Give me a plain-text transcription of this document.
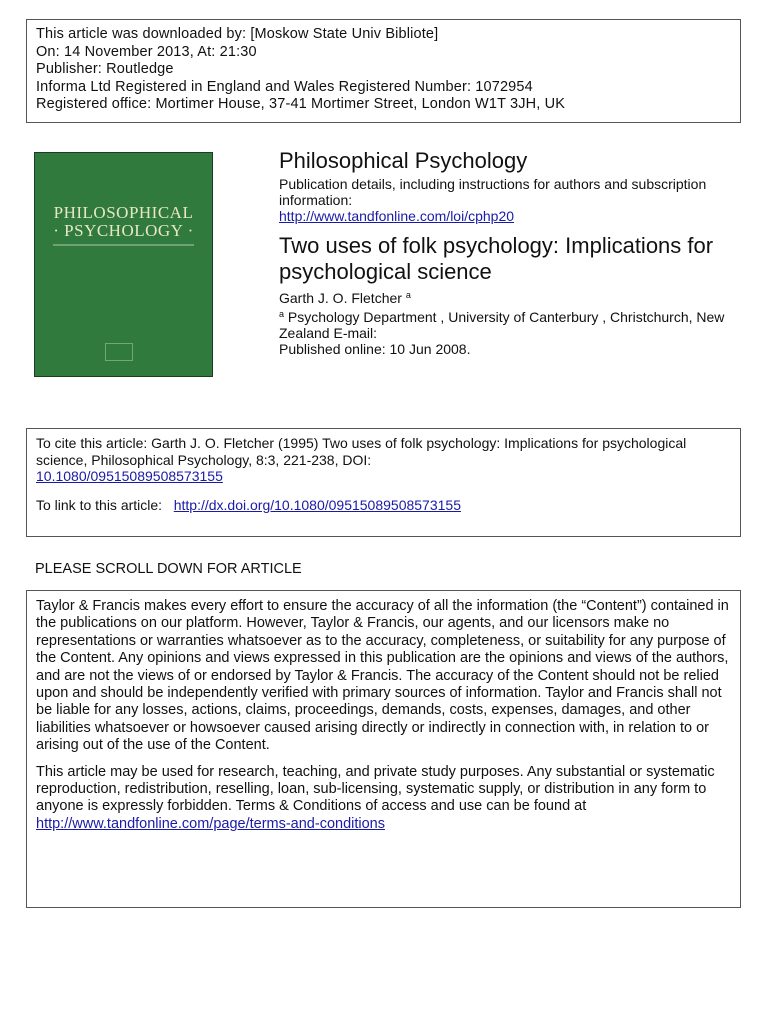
This article was downloaded by: [Moskow State Univ Bibliote]
On: 14 November 2013, At: 21:30
Publisher: Routledge
Informa Ltd Registered in England and Wales Registered Number: 1072954
Registered office: Mortimer House, 37-41 Mortimer Street, London W1T 3JH, UK
PHILOSOPHICAL
· PSYCHOLOGY ·
Philosophical Psychology
Publication details, including instructions for authors and subscription information:
http://www.tandfonline.com/loi/cphp20
Two uses of folk psychology: Implications for psychological science
Garth J. O. Fletcher $^a$
$^a$ Psychology Department , University of Canterbury , Christchurch, New Zealand E-mail:
Published online: 10 Jun 2008.
To cite this article: Garth J. O. Fletcher (1995) Two uses of folk psychology: Implications for psychological science, Philosophical Psychology, 8:3, 221-238, DOI:
10.1080/09515089508573155
To link to this article: http://dx.doi.org/10.1080/09515089508573155
PLEASE SCROLL DOWN FOR ARTICLE

Taylor & Francis makes every effort to ensure the accuracy of all the information (the “Content”) contained in the publications on our platform. However, Taylor & Francis, our agents, and our licensors make no representations or warranties whatsoever as to the accuracy, completeness, or suitability for any purpose of the Content. Any opinions and views expressed in this publication are the opinions and views of the authors, and are not the views of or endorsed by Taylor & Francis. The accuracy of the Content should not be relied upon and should be independently verified with primary sources of information. Taylor and Francis shall not be liable for any losses, actions, claims, proceedings, demands, costs, expenses, damages, and other liabilities whatsoever or howsoever caused arising directly or indirectly in connection with, in relation to or arising out of the use of the Content.

This article may be used for research, teaching, and private study purposes. Any substantial or systematic reproduction, redistribution, reselling, loan, sub-licensing, systematic supply, or distribution in any form to anyone is expressly forbidden. Terms & Conditions of access and use can be found at http://www.tandfonline.com/page/terms-and-conditions
